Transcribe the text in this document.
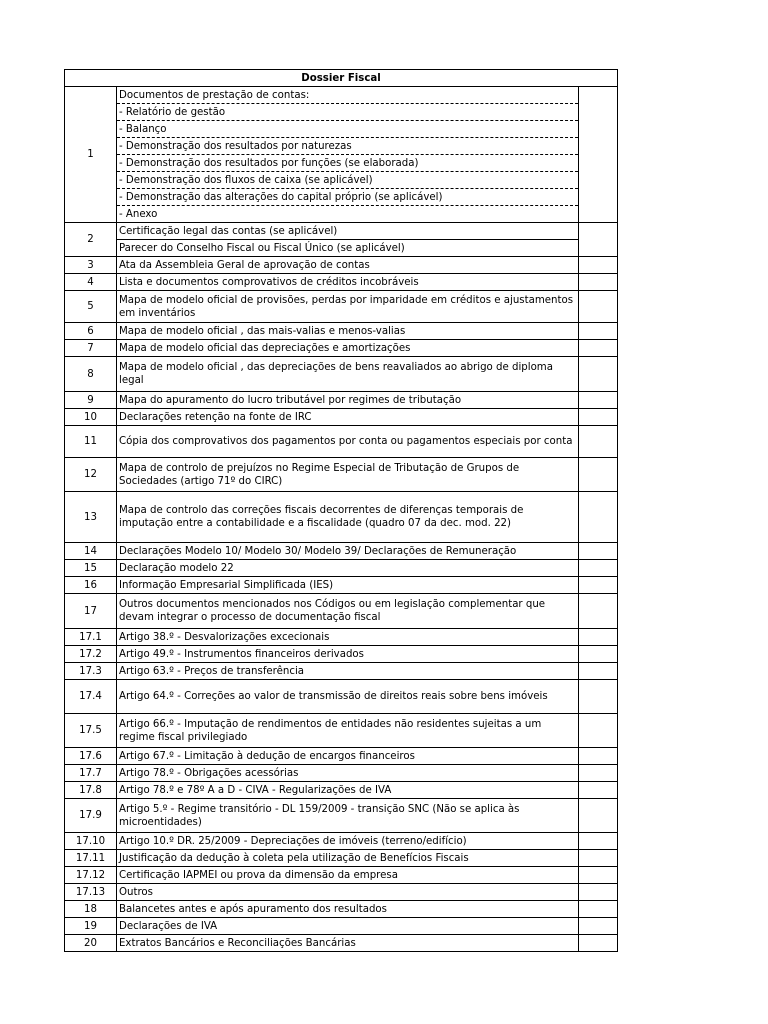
Dossier Fiscal		
1	Documentos de prestação de contas:	
	- Relatório de gestão	
	- Balanço	
	- Demonstração dos resultados por naturezas	
	- Demonstração dos resultados por funções (se elaborada)	
	- Demonstração dos fluxos de caixa (se aplicável)	
	- Demonstração das alterações do capital próprio (se aplicável)	
	- Anexo	
2	Certificação legal das contas (se aplicável)	
	Parecer do Conselho Fiscal ou Fiscal Único (se aplicável)	
3	Ata da Assembleia Geral de aprovação de contas	
4	Lista e documentos comprovativos de créditos incobráveis	
5	Mapa de modelo oficial de provisões, perdas por imparidade em créditos e ajustamentos em inventários	
6	Mapa de modelo oficial , das mais-valias e menos-valias	
7	Mapa de modelo oficial das depreciações e amortizações	
8	Mapa de modelo oficial , das depreciações de bens reavaliados ao abrigo de diploma legal	
9	Mapa do apuramento do lucro tributável por regimes de tributação	
10	Declarações retenção na fonte de IRC	
11	Cópia dos comprovativos dos pagamentos por conta ou pagamentos especiais por conta	
12	Mapa de controlo de prejuízos no Regime Especial de Tributação de Grupos de Sociedades (artigo 71º do CIRC)	
13	Mapa de controlo das correções fiscais decorrentes de diferenças temporais de imputação entre a contabilidade e a fiscalidade (quadro 07 da dec. mod. 22)	
14	Declarações Modelo 10/ Modelo 30/ Modelo 39/ Declarações de Remuneração	
15	Declaração modelo 22	
16	Informação Empresarial Simplificada (IES)	
17	Outros documentos mencionados nos Códigos ou em legislação complementar que devam integrar o processo de documentação fiscal	
17.1	Artigo 38.º - Desvalorizações excecionais	
17.2	Artigo 49.º - Instrumentos financeiros derivados	
17.3	Artigo 63.º - Preços de transferência	
17.4	Artigo 64.º - Correções ao valor de transmissão de direitos reais sobre bens imóveis	
17.5	Artigo 66.º - Imputação de rendimentos de entidades não residentes sujeitas a um regime fiscal privilegiado	
17.6	Artigo 67.º - Limitação à dedução de encargos financeiros	
17.7	Artigo 78.º - Obrigações acessórias	
17.8	Artigo 78.º e 78º A a D - CIVA - Regularizações de IVA	
17.9	Artigo 5.º - Regime transitório - DL 159/2009 - transição SNC (Não se aplica às microentidades)	
17.10	Artigo 10.º DR. 25/2009 - Depreciações de imóveis (terreno/edifício)	
17.11	Justificação da dedução à coleta pela utilização de Benefícios Fiscais	
17.12	Certificação IAPMEI ou prova da dimensão da empresa	
17.13	Outros	
18	Balancetes antes e após apuramento dos resultados	
19	Declarações de IVA	
20	Extratos Bancários e Reconciliações Bancárias	
